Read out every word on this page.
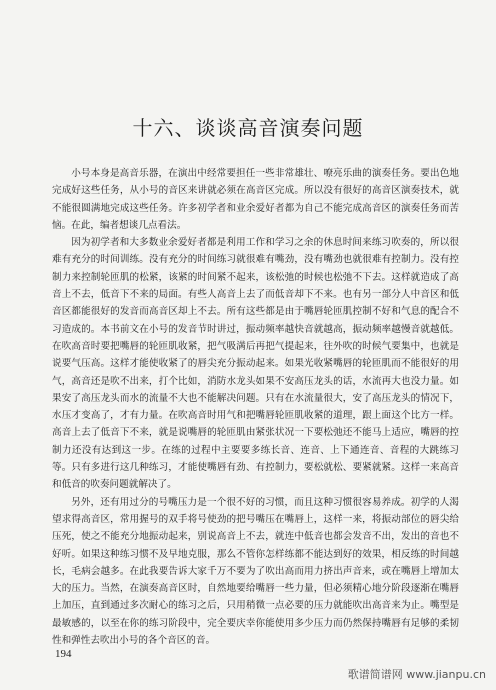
十六、谈谈高音演奏问题

小号本身是高音乐器，在演出中经常要担任一些非常雄壮、嘹亮乐曲的演奏任务。要出色地完成好这些任务，从小号的音区来讲就必须在高音区完成。所以没有很好的高音区演奏技术，就不能很圆满地完成这些任务。许多初学者和业余爱好者都为自己不能完成高音区的演奏任务而苦恼。在此，编者想谈几点看法。

因为初学者和大多数业余爱好者都是利用工作和学习之余的休息时间来练习吹奏的，所以很难有充分的时间训练。没有充分的时间练习就很难有嘴劲，没有嘴劲也就很难有控制力。没有控制力来控制轮匝肌的松紧，该紧的时间紧不起来，该松弛的时候也松弛不下去。这样就造成了高音上不去，低音下不来的局面。有些人高音上去了而低音却下不来。也有另一部分人中音区和低音区都能很好的发音而高音区却上不去。所有这些都是由于嘴唇轮匝肌控制不好和气息的配合不习造成的。本书前文在小号的发音节时讲过，振动频率越快音就越高，振动频率越慢音就越低。在吹高音时要把嘴唇的轮匝肌收紧，把气吸满后再把气提起来，往外吹的时候气要集中，也就是说要气压高。这样才能使收紧了的唇尖充分振动起来。如果光收紧嘴唇的轮匝肌而不能很好的用气，高音还是吹不出来，打个比如，消防水龙头如果不安高压龙头的话，水流再大也没力量。如果安了高压龙头而水的流量不大也不能解决问题。只有在水流量很大，安了高压龙头的情况下，水压才变高了，才有力量。在吹高音时用气和把嘴唇轮匝肌收紧的道理，跟上面这个比方一样。高音上去了低音下不来，就是说嘴唇的轮匝肌由紧张状况一下要松弛还不能马上适应，嘴唇的控制力还没有达到这一步。在练的过程中主要要多练长音、连音、上下通连音、音程的大跳练习等。只有多进行这几种练习，才能使嘴唇有劲、有控制力，要松就松、要紧就紧。这样一来高音和低音的吹奏问题就解决了。

另外，还有用过分的号嘴压力是一个很不好的习惯，而且这种习惯很容易养成。初学的人渴望求得高音区，常用握号的双手将号使劲的把号嘴压在嘴唇上，这样一来，将振动部位的唇尖给压死，使之不能充分地振动起来，别说高音上不去，就连中低音也都会发音不出，发出的音也不好听。如果这种练习惯不及早地克服，那么不管你怎样练都不能达到好的效果，相反练的时间越长，毛病会越多。在此我要告诉大家千万不要为了吹出高而用力挤出声音来，或在嘴唇上增加太大的压力。当然，在演奏高音区时，自然地要给嘴唇一些力量，但必须精心地分阶段逐渐在嘴唇上加压，直到通过多次耐心的练习之后，只用稍微一点必要的压力就能吹出高音来为止。嘴型是最敏感的，以至在你的练习阶段中，完全要庆幸你能使用多少压力而仍然保持嘴唇有足够的柔韧性和弹性去吹出小号的各个音区的音。

194
歌谱简谱网 www.jianpu.cn
